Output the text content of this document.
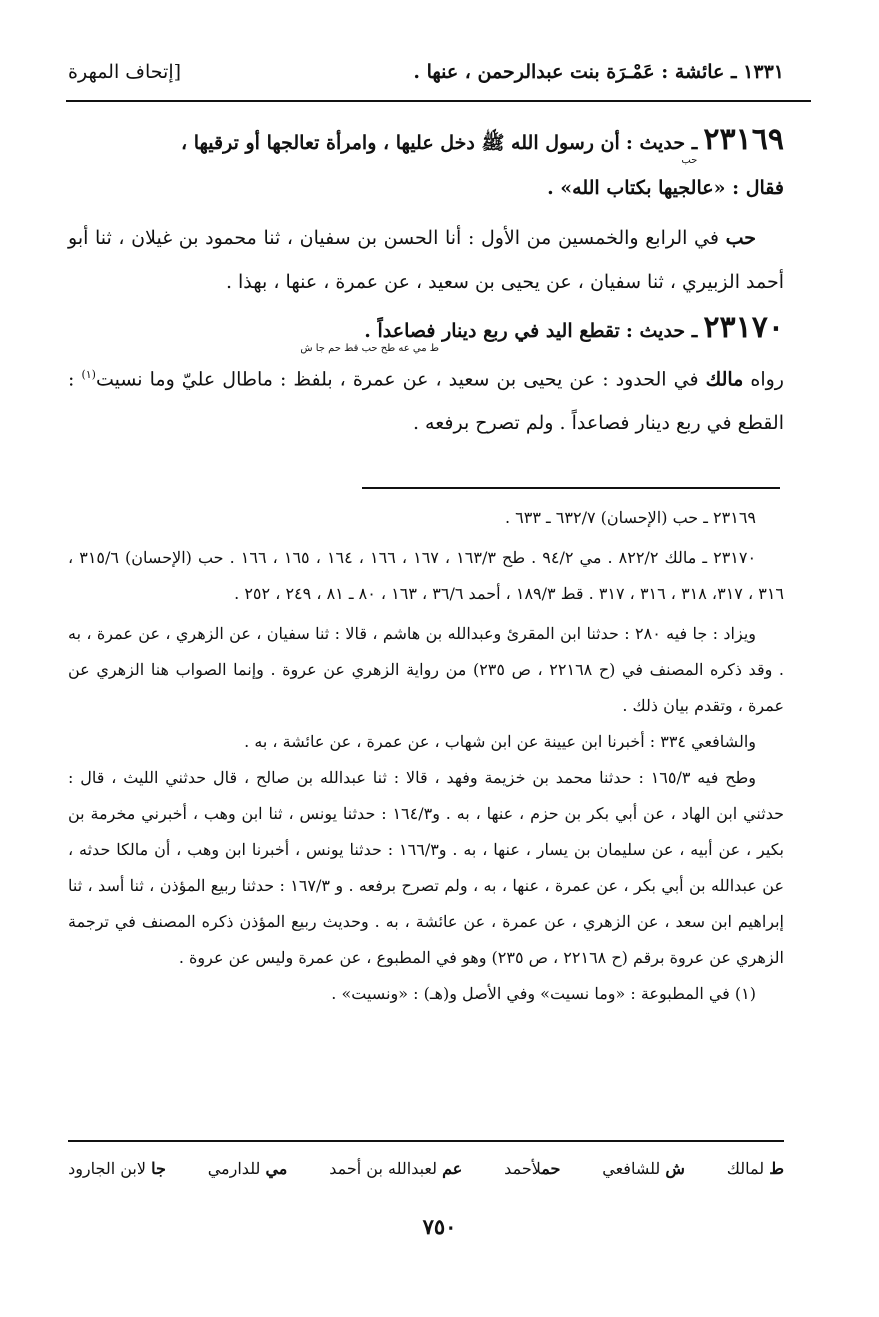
١٣٣١ ـ عائشة : عَمْـرَة بنت عبدالرحمن ، عنها .
[إتحاف المهرة

٢٣١٦٩ حب ـ حديث : أن رسول الله ﷺ دخل عليها ، وامرأة تعالجها أو ترقيها ،

فقال : «عالجيها بكتاب الله» .

حب في الرابع والخمسين من الأول : أنا الحسن بن سفيان ، ثنا محمود بن غيلان ، ثنا أبو أحمد الزبيري ، ثنا سفيان ، عن يحيى بن سعيد ، عن عمرة ، عنها ، بهذا .

٢٣١٧٠ ـ حديث : تقطع اليد في ربع دينار فصاعداً .

ط مي عه طح حب قط حم جا ش

رواه مالك في الحدود : عن يحيى بن سعيد ، عن عمرة ، بلفظ : ماطال عليّ وما نسيت$^{(١)}$ : القطع في ربع دينار فصاعداً . ولم تصرح برفعه .

٢٣١٦٩ ـ حب (الإحسان) ٦٣٢/٧ ـ ٦٣٣ .

٢٣١٧٠ ـ مالك ٨٢٢/٢ . مي ٩٤/٢ . طح ١٦٣/٣ ، ١٦٧ ، ١٦٦ ، ١٦٤ ، ١٦٥ ، ١٦٦ . حب (الإحسان) ٣١٥/٦ ، ٣١٦ ، ٣١٧، ٣١٨ ، ٣١٦ ، ٣١٧ . قط ١٨٩/٣ ، أحمد ٣٦/٦ ، ١٦٣ ، ٨٠ ـ ٨١ ، ٢٤٩ ، ٢٥٢ .

ويزاد : جا فيه ٢٨٠ : حدثنا ابن المقرئ وعبدالله بن هاشم ، قالا : ثنا سفيان ، عن الزهري ، عن عمرة ، به . وقد ذكره المصنف في (ح ٢٢١٦٨ ، ص ٢٣٥) من رواية الزهري عن عروة . وإنما الصواب هنا الزهري عن عمرة ، وتقدم بيان ذلك .

والشافعي ٣٣٤ : أخبرنا ابن عيينة عن ابن شهاب ، عن عمرة ، عن عائشة ، به .

وطح فيه ١٦٥/٣ : حدثنا محمد بن خزيمة وفهد ، قالا : ثنا عبدالله بن صالح ، قال حدثني الليث ، قال : حدثني ابن الهاد ، عن أبي بكر بن حزم ، عنها ، به . و١٦٤/٣ : حدثنا يونس ، ثنا ابن وهب ، أخبرني مخرمة بن بكير ، عن أبيه ، عن سليمان بن يسار ، عنها ، به . و١٦٦/٣ : حدثنا يونس ، أخبرنا ابن وهب ، أن مالكا حدثه ، عن عبدالله بن أبي بكر ، عن عمرة ، عنها ، به ، ولم تصرح برفعه . و ١٦٧/٣ : حدثنا ربيع المؤذن ، ثنا أسد ، ثنا إبراهيم ابن سعد ، عن الزهري ، عن عمرة ، عن عائشة ، به . وحديث ربيع المؤذن ذكره المصنف في ترجمة الزهري عن عروة برقم (ح ٢٢١٦٨ ، ص ٢٣٥) وهو في المطبوع ، عن عمرة وليس عن عروة .

(١) في المطبوعة : «وما نسيت» وفي الأصل و(هـ) : «ونسيت» .

ط لمالك
ش للشافعي
حملأحمد
عم لعبدالله بن أحمد
مي للدارمي
جا لابن الجارود
٧٥٠
